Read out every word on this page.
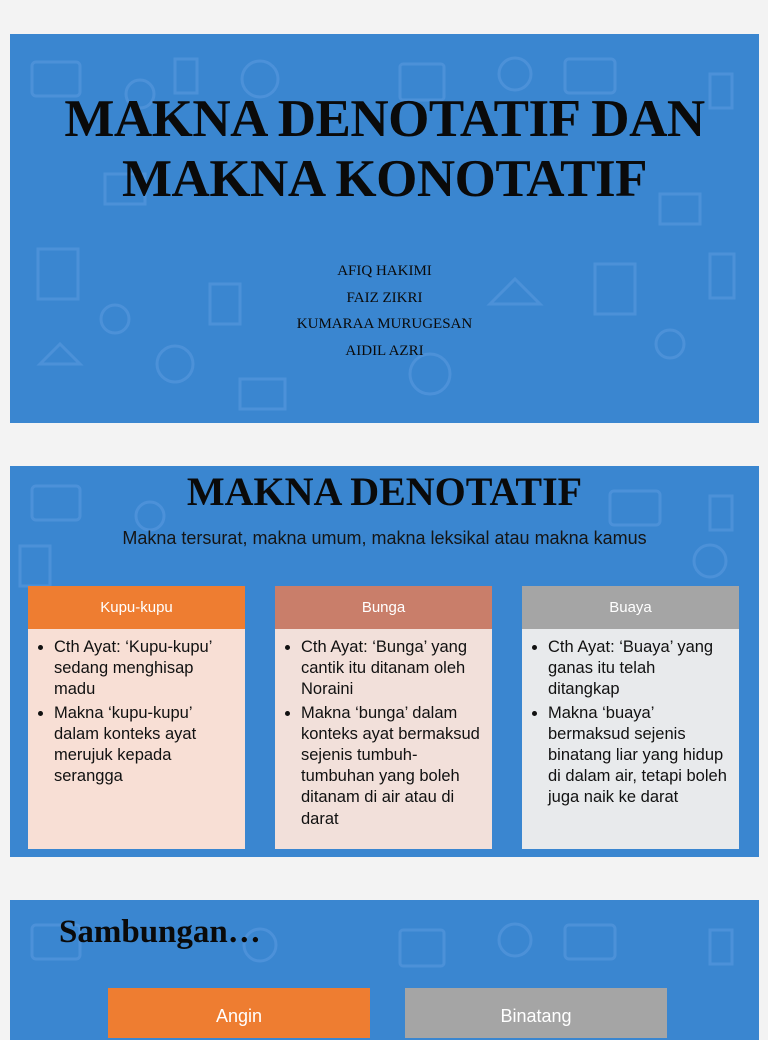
MAKNA DENOTATIF DAN MAKNA KONOTATIF
AFIQ HAKIMI
FAIZ ZIKRI
KUMARAA MURUGESAN
AIDIL AZRI
MAKNA DENOTATIF
Makna tersurat, makna umum, makna leksikal atau makna kamus
Kupu-kupu
• Cth Ayat: ‘Kupu-kupu’ sedang menghisap madu
• Makna ‘kupu-kupu’ dalam konteks ayat merujuk kepada serangga
Bunga
• Cth Ayat: ‘Bunga’ yang cantik itu ditanam oleh Noraini
• Makna ‘bunga’ dalam konteks ayat bermaksud sejenis tumbuh-tumbuhan yang boleh ditanam di air atau di darat
Buaya
• Cth Ayat: ‘Buaya’ yang ganas itu telah ditangkap
• Makna ‘buaya’ bermaksud sejenis binatang liar yang hidup di dalam air, tetapi boleh juga naik ke darat
Sambungan…
Angin	Binatang
